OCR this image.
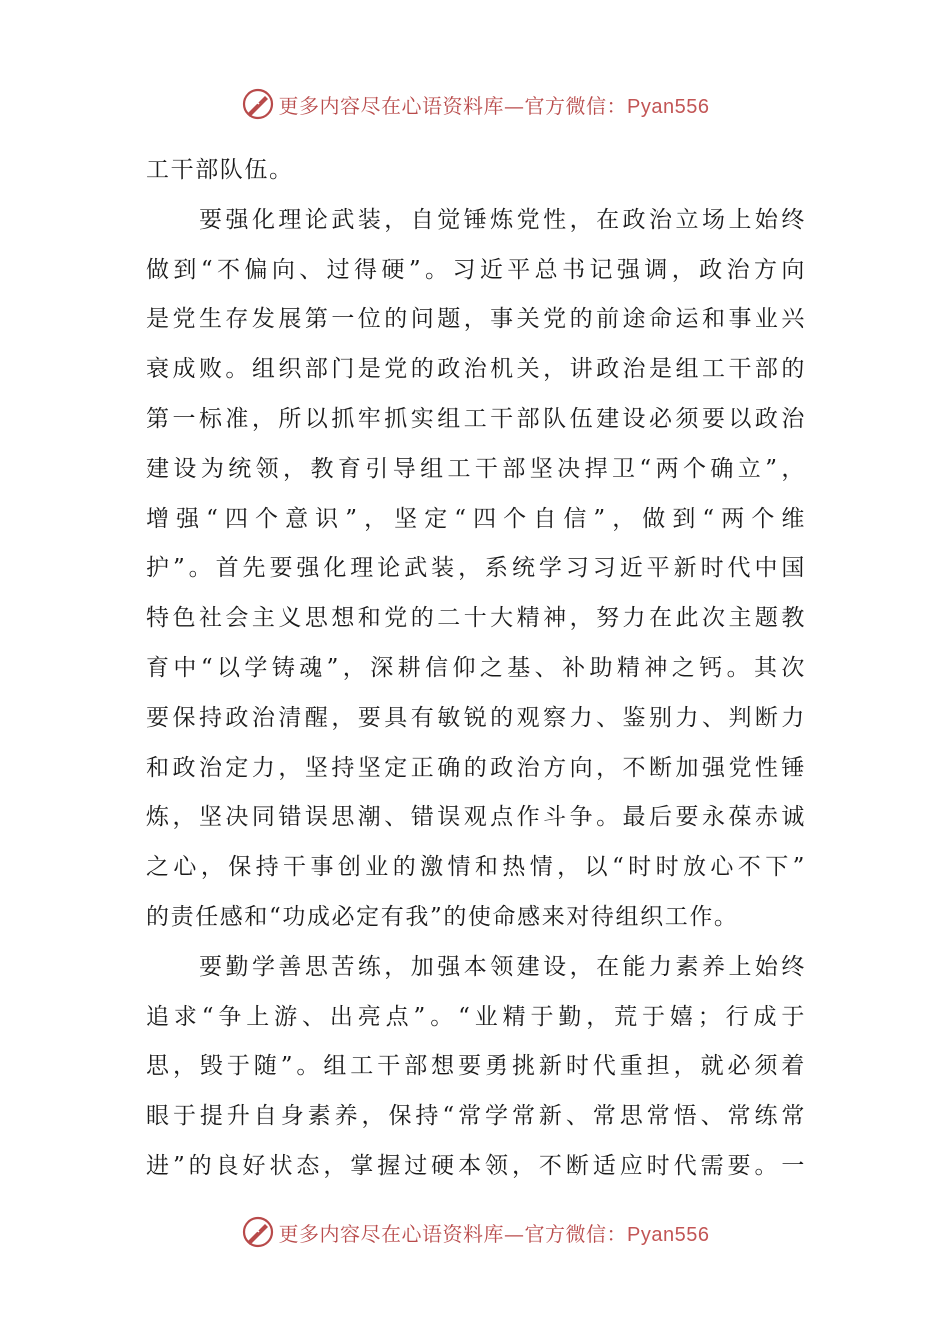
更多内容尽在心语资料库—官方微信：Pyan556
工干部队伍。
要强化理论武装，自觉锤炼党性，在政治立场上始终
做到“不偏向、过得硬”。习近平总书记强调，政治方向
是党生存发展第一位的问题，事关党的前途命运和事业兴
衰成败。组织部门是党的政治机关，讲政治是组工干部的
第一标准，所以抓牢抓实组工干部队伍建设必须要以政治
建设为统领，教育引导组工干部坚决捍卫“两个确立”，
增强“四个意识”，坚定“四个自信”，做到“两个维
护”。首先要强化理论武装，系统学习习近平新时代中国
特色社会主义思想和党的二十大精神，努力在此次主题教
育中“以学铸魂”，深耕信仰之基、补助精神之钙。其次
要保持政治清醒，要具有敏锐的观察力、鉴别力、判断力
和政治定力，坚持坚定正确的政治方向，不断加强党性锤
炼，坚决同错误思潮、错误观点作斗争。最后要永葆赤诚
之心，保持干事创业的激情和热情，以“时时放心不下”
的责任感和“功成必定有我”的使命感来对待组织工作。
要勤学善思苦练，加强本领建设，在能力素养上始终
追求“争上游、出亮点”。“业精于勤，荒于嬉；行成于
思，毁于随”。组工干部想要勇挑新时代重担，就必须着
眼于提升自身素养，保持“常学常新、常思常悟、常练常
进”的良好状态，掌握过硬本领，不断适应时代需要。一
更多内容尽在心语资料库—官方微信：Pyan556
